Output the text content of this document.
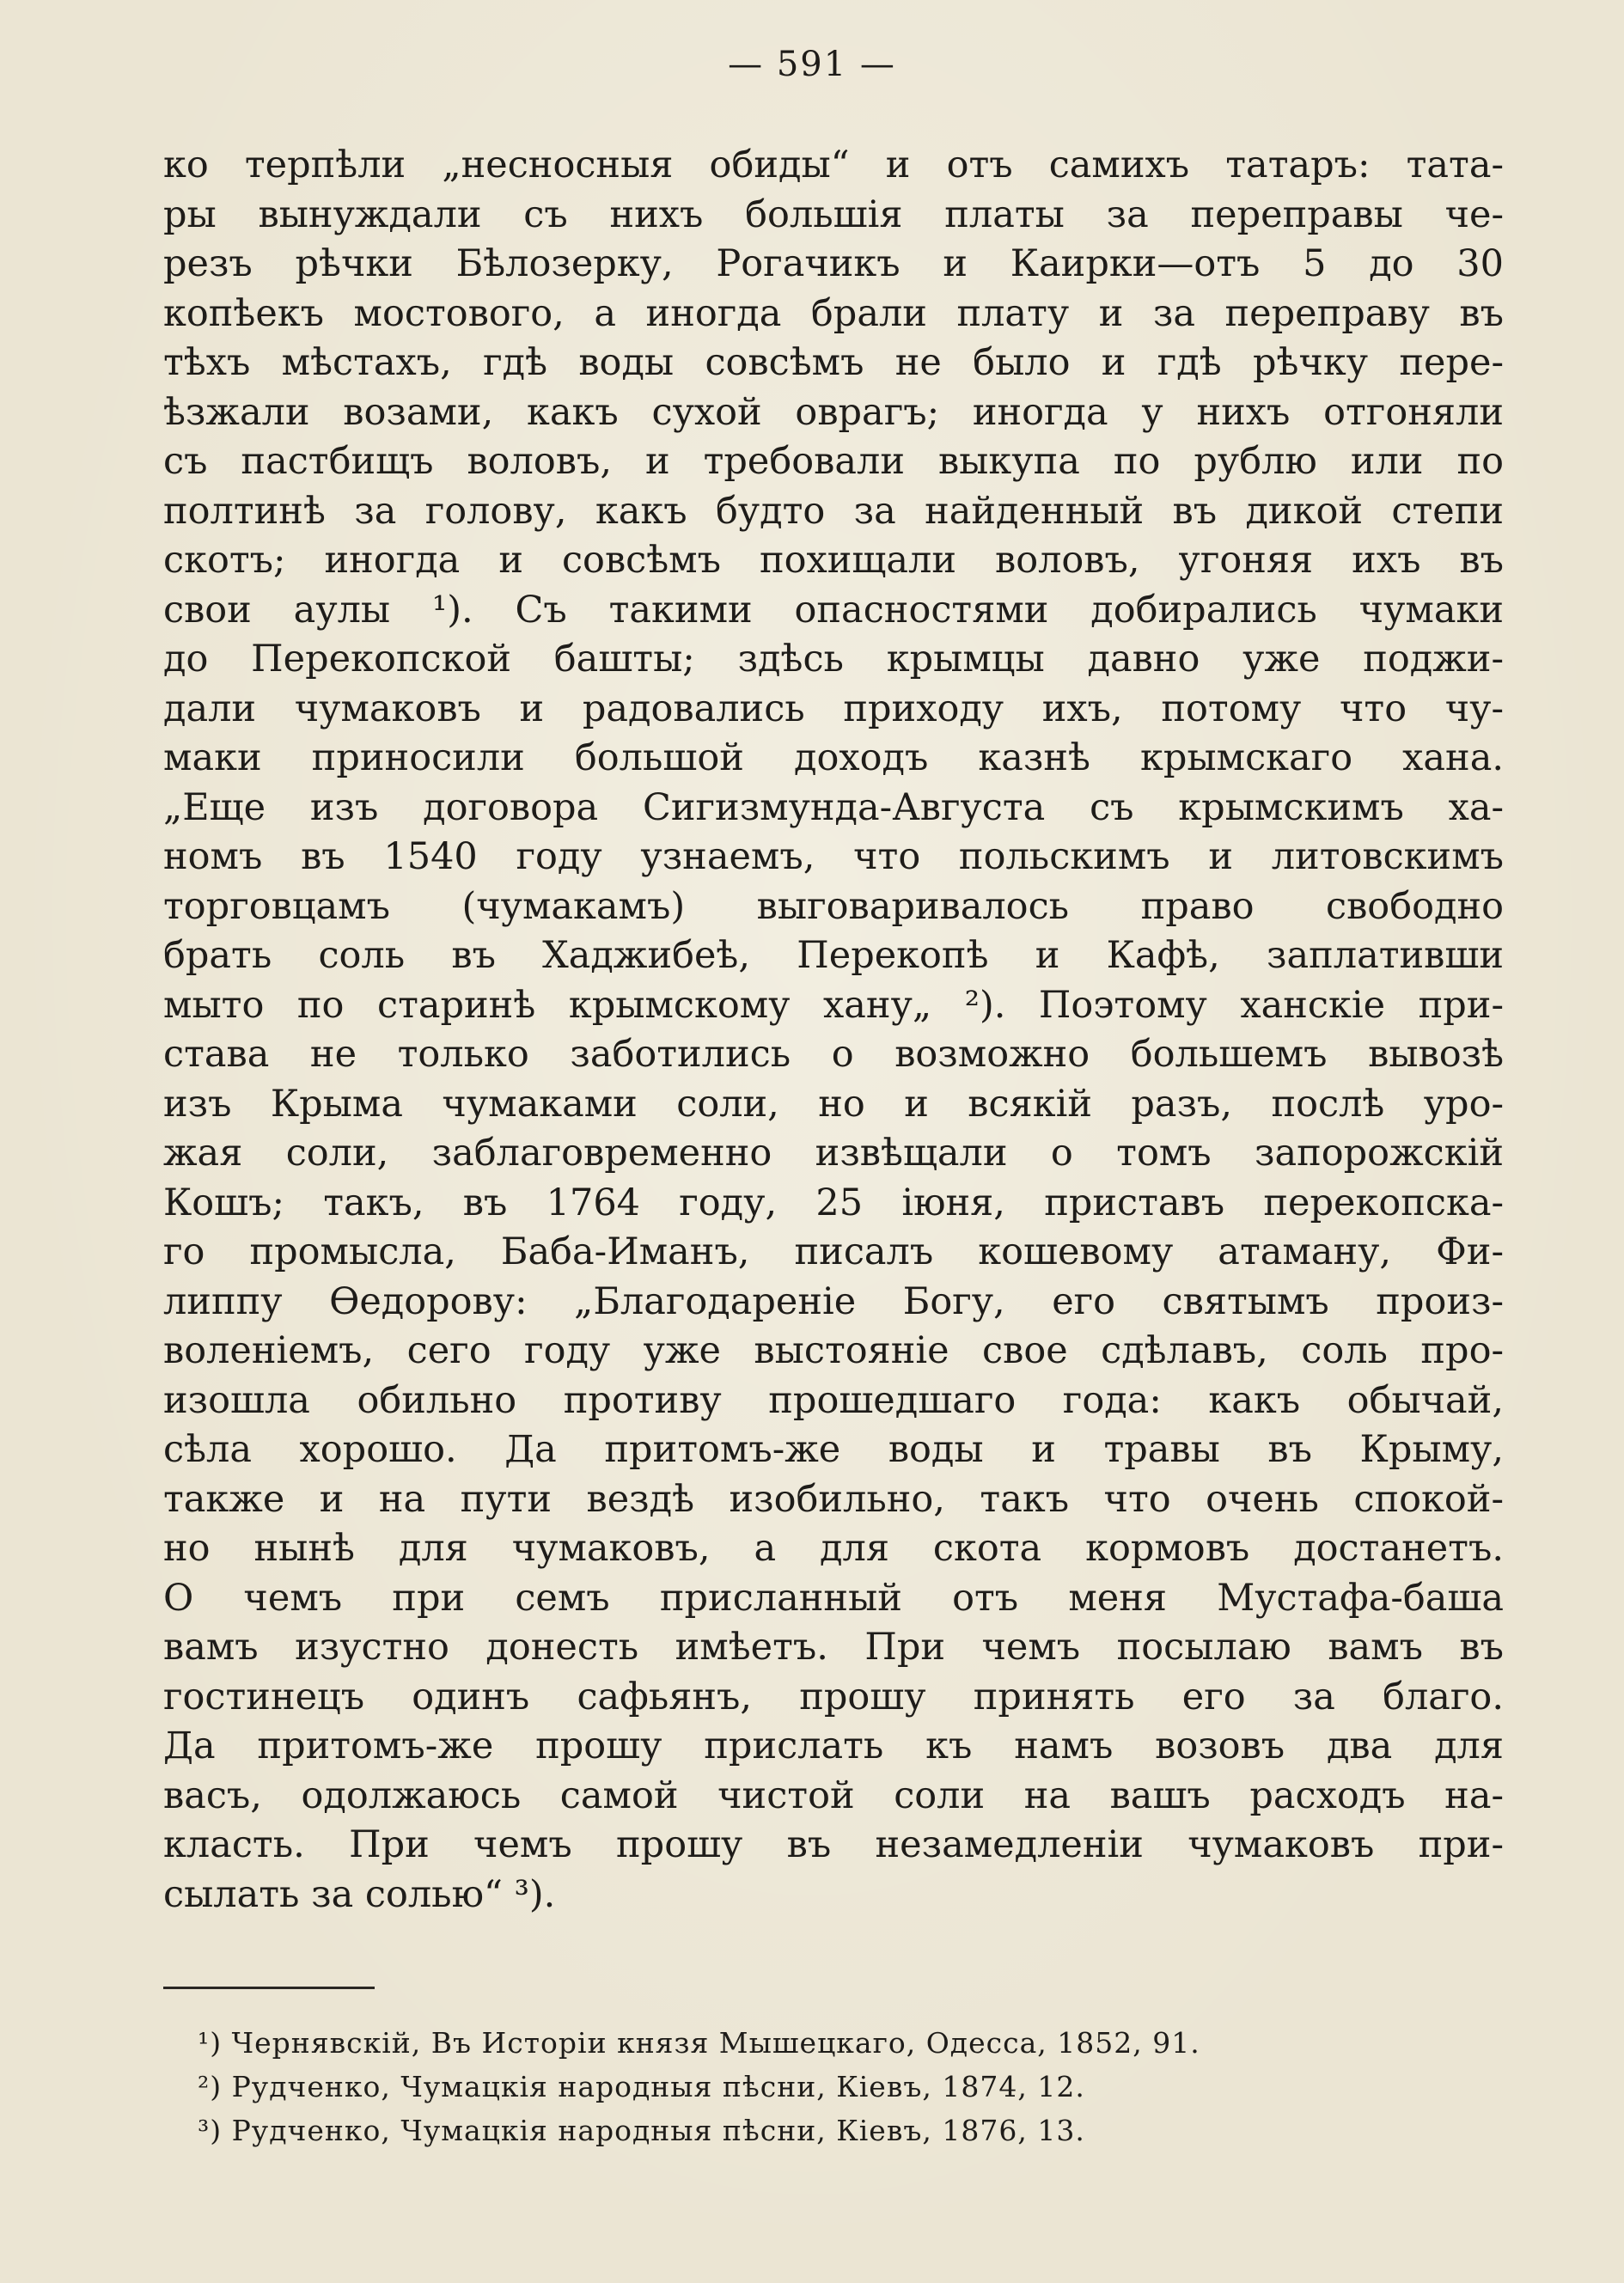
— 591 —
ко терпѣли „несносныя обиды“ и отъ самихъ татаръ: тата-
ры вынуждали съ нихъ большія платы за переправы че-
резъ рѣчки Бѣлозерку, Рогачикъ и Каирки—отъ 5 до 30
копѣекъ мостового, а иногда брали плату и за переправу въ
тѣхъ мѣстахъ, гдѣ воды совсѣмъ не было и гдѣ рѣчку пере-
ѣзжали возами, какъ сухой оврагъ; иногда у нихъ отгоняли
съ пастбищъ воловъ, и требовали выкупа по рублю или по
полтинѣ за голову, какъ будто за найденный въ дикой степи
скотъ; иногда и совсѣмъ похищали воловъ, угоняя ихъ въ
свои аулы ¹). Съ такими опасностями добирались чумаки
до Перекопской башты; здѣсь крымцы давно уже поджи-
дали чумаковъ и радовались приходу ихъ, потому что чу-
маки приносили большой доходъ казнѣ крымскаго хана.
„Еще изъ договора Сигизмунда-Августа съ крымскимъ ха-
номъ въ 1540 году узнаемъ, что польскимъ и литовскимъ
торговцамъ (чумакамъ) выговаривалось право свободно
брать соль въ Хаджибеѣ, Перекопѣ и Кафѣ, заплативши
мыто по старинѣ крымскому хану„ ²). Поэтому ханскіе при-
става не только заботились о возможно большемъ вывозѣ
изъ Крыма чумаками соли, но и всякій разъ, послѣ уро-
жая соли, заблаговременно извѣщали о томъ запорожскій
Кошъ; такъ, въ 1764 году, 25 іюня, приставъ перекопска-
го промысла, Баба-Иманъ, писалъ кошевому атаману, Фи-
липпу Ѳедорову: „Благодареніе Богу, его святымъ произ-
воленіемъ, сего году уже выстояніе свое сдѣлавъ, соль про-
изошла обильно противу прошедшаго года: какъ обычай,
сѣла хорошо. Да притомъ-же воды и травы въ Крыму,
также и на пути вездѣ изобильно, такъ что очень спокой-
но нынѣ для чумаковъ, а для скота кормовъ достанетъ.
О чемъ при семъ присланный отъ меня Мустафа-баша
вамъ изустно донесть имѣетъ. При чемъ посылаю вамъ въ
гостинецъ одинъ сафьянъ, прошу принять его за благо.
Да притомъ-же прошу прислать къ намъ возовъ два для
васъ, одолжаюсь самой чистой соли на вашъ расходъ на-
класть. При чемъ прошу въ незамедленіи чумаковъ при-
сылать за солью“ ³).
¹) Чернявскій, Въ Исторіи князя Мышецкаго, Одесса, 1852, 91.
²) Рудченко, Чумацкія народныя пѣсни, Кіевъ, 1874, 12.
³) Рудченко, Чумацкія народныя пѣсни, Кіевъ, 1876, 13.
